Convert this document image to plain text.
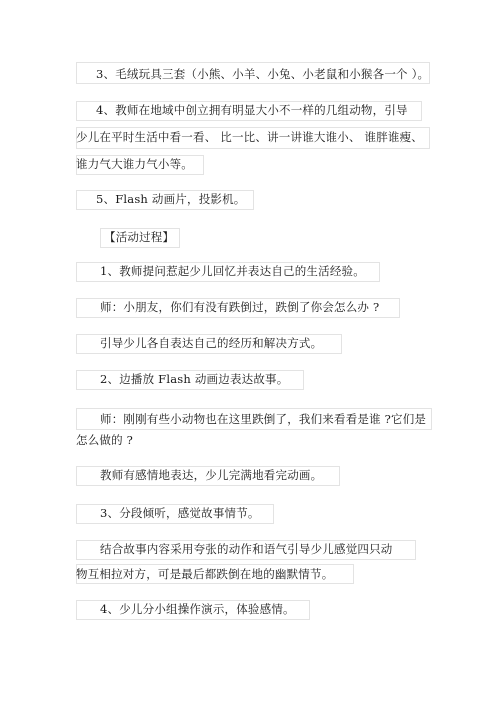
3、毛绒玩具三套（小熊、小羊、小兔、小老鼠和小猴各一个 ）。
4、教师在地域中创立拥有明显大小不一样的几组动物，引导
少儿在平时生活中看一看、 比一比、讲一讲谁大谁小、 谁胖谁瘦、
谁力气大谁力气小等。
5、Flash 动画片，投影机。
【活动过程】
1、教师提问惹起少儿回忆并表达自己的生活经验。
师：小朋友，你们有没有跌倒过，跌倒了你会怎么办 ?
引导少儿各自表达自己的经历和解决方式。
2、边播放 Flash 动画边表达故事。
师：刚刚有些小动物也在这里跌倒了，我们来看看是谁 ?它们是
怎么做的 ?
教师有感情地表达，少儿完满地看完动画。
3、分段倾听，感觉故事情节。
结合故事内容采用夸张的动作和语气引导少儿感觉四只动
物互相拉对方，可是最后都跌倒在地的幽默情节。
4、少儿分小组操作演示，体验感情。
